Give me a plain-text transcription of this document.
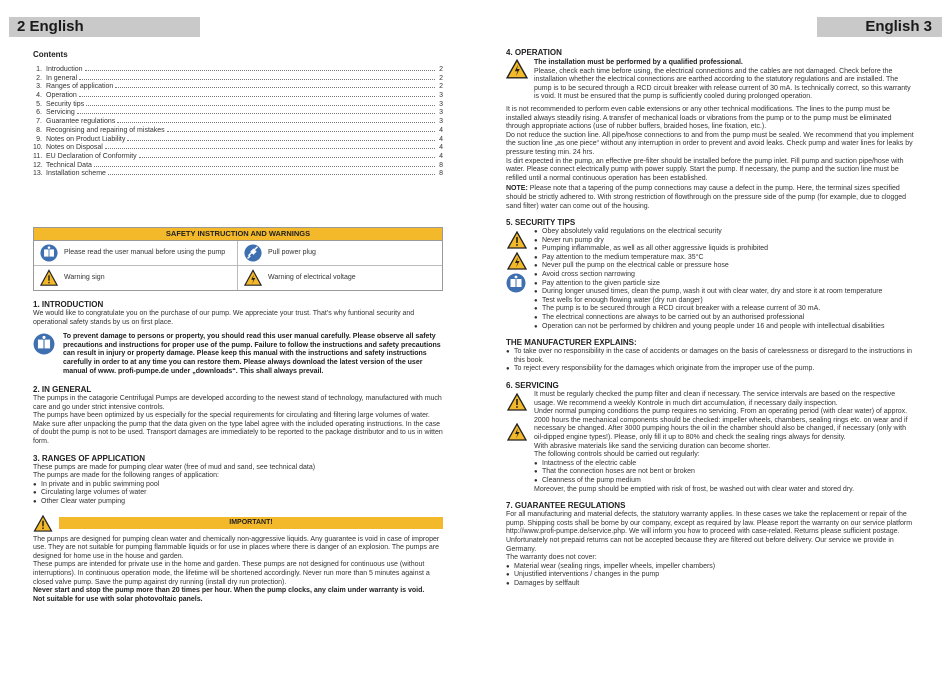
2 English	English 3
Contents
1. Introduction	2
2. In general	2
3. Ranges of application	2
4. Operation	3
5. Security tips	3
6. Servicing	3
7. Guarantee regulations	3
8. Recognising and repairing of mistakes	4
9. Notes on Product Liability	4
10. Notes on Disposal	4
11. EU Declaration of Conformity	4
12. Technical Data	8
13. Installation scheme	8
SAFETY INSTRUCTION AND WARNINGS
Please read the user manual before using the pump	Pull power plug
Warning sign	Warning of electrical voltage
1. INTRODUCTION

We would like to congratulate you on the purchase of our pump. We appreciate your trust. That’s why funtional security and operational safety stands by us on first place.

To prevent damage to persons or property, you should read this user manual carefully. Please observe all safety precautions and instructions for proper use of the pump. Failure to follow the instructions and safety precautions can result in injury or property damage. Please keep this manual with the instructions and safety instructions carefully in order to at any time you can restore them. Please always download the latest version of the user manual of www. profi-pumpe.de under „downloads“. This shall always prevail.

2. IN GENERAL

The pumps in the catagorie Centrifugal Pumps are developed according to the newest stand of technology, manufactured with much care and go under strict intensive controls.

The pumps have been optimized by us especially for the special requirements for circulating and filtering large volumes of water. Make sure after unpacking the pump that the data given on the type label agree with the included operating instructions. In the case of doubt the pump is not to be used. Transport damages are immediately to be reported to the package distributor and to us in witten form.

3. RANGES OF APPLICATION

These pumps are made for pumping clear water (free of mud and sand, see technical data)

The pumps are made for the following ranges of application:

● In private and in public swimming pool
● Circulating large volumes of water
● Other Clear water pumping
IMPORTANT!

The pumps are designed for pumping clean water and chemically non-aggressive liquids. Any guarantee is void in case of improper use. They are not suitable for pumping flammable liquids or for use in places where there is danger of an explosion. The pumps are designed for home use in the house and garden.

These pumps are intended for private use in the home and garden. These pumps are not designed for continuous use (without interruptions). In continuous operation mode, the lifetime will be shortened accordingly. Never run more than 5 minutes against a closed valve pump. Save the pump against dry running (install dry run protection).

Never start and stop the pump more than 20 times per hour. When the pump clocks, any claim under warranty is void.

Not suitable for use with solar photovoltaic panels.

4. OPERATION

The installation must be performed by a qualified professional.

Please, check each time before using, the electrical connections and the cables are not damaged. Check before the installation whether the electrical connections are earthed according to the statutory regulations and are installed. The pump is to be secured through a RCD circuit breaker with release current of 30 mA. Is technically correct, so this warranty is void. It must be ensured that the pump is sufficiently cooled during prolonged operation.

It is not recommended to perform even cable extensions or any other technical modifications. The lines to the pump must be installed always steadily rising. A transfer of mechanical loads or vibrations from the pump or to the pump must be eliminated through appropriate actions (use of rubber buffers, braided hoses, line fixation, etc.).

Do not reduce the suction line. All pipe/hose connections to and from the pump must be sealed. We recommend that you implement the suction line „as one piece“ without any interruption in order to prevent and avoid leaks. Check pump and water lines for leaks by pressure testing min. 24 hrs.

Is dirt expected in the pump, an effective pre-filter should be installed before the pump inlet. Fill pump and suction pipe/hose with water. Please connect electrically pump with power supply. Start the pump. If necessary, the pump and the suction line must be refilled until a normal continuous operation has been established.

NOTE: Please note that a tapering of the pump connections may cause a defect in the pump. Here, the terminal sizes specified should be strictly adhered to. With strong restriction of flowthrough on the pressure side of the pump (for example, due to clogged sand filter) water can come out of the housing.

5. SECURITY TIPS
● Obey absolutely valid regulations on the electrical security
● Never run pump dry
● Pumping inflammable, as well as all other aggressive liquids is prohibited
● Pay attention to the medium temperature max. 35°C
● Never pull the pump on the electrical cable or pressure hose
● Avoid cross section narrowing
● Pay attention to the given particle size
● During longer unused times, clean the pump, wash it out with clear water, dry and store it at room temperature
● Test wells for enough flowing water (dry run danger)
● The pump is to be secured through a RCD circuit breaker with a release current of 30 mA.
● The electrical connections are always to be carried out by an authorised professional
● Operation can not be performed by children and young people under 16 and people with intellectual disabilities
THE MANUFACTURER EXPLAINS:
● To take over no responsibility in the case of accidents or damages on the basis of carelessness or disregard to the instructions in this book.
● To reject every responsibility for the damages which originate from the improper use of the pump.
6. SERVICING

It must be regularly checked the pump filter and clean if necessary. The service intervals are based on the respective usage. We recommend a weekly Kontrole in much dirt accumulation, if necessary daily inspection.

Under normal pumping conditions the pump requires no servicing. From an operating period (with clear water) of approx. 2000 hours the mechanical components should be checked: impeller wheels, chambers, sealing rings etc. on wear and if necessary be changed. After 3000 pumping hours the oil in the chamber should also be changed, if necessary (only with oil-dipped engine types!). Please, only fill it up to 80% and check the sealing rings always for density.

With abrasive materials like sand the servicing duration can become shorter.

The following controls should be carried out regularly:

● Intactness of the electric cable
● That the connection hoses are not bent or broken
● Cleanness of the pump medium

Moreover, the pump should be emptied with risk of frost, be washed out with clear water and stored dry.

7. GUARANTEE REGULATIONS

For all manufacturing and material defects, the statutory warranty applies. In these cases we take the replacement or repair of the pump. Shipping costs shall be borne by our company, except as required by law. Please report the warranty on our service platform http://www.profi-pumpe.de/service.php. We will inform you how to proceed with case-related. Returns please sufficient postage. Unfortunately not prepaid returns can not be accepted because they are filtered out before delivery. Our service we provide in Germany.

The warranty does not cover:

● Material wear (sealing rings, impeller wheels, impeller chambers)
● Unjustified interventions / changes in the pump
● Damages by selffault
